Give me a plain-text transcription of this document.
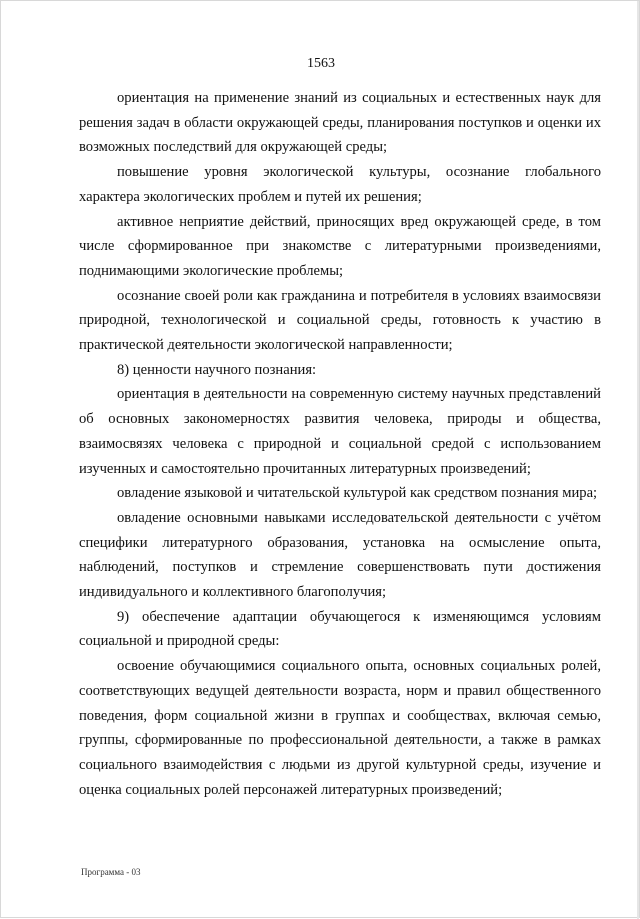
1563

ориентация на применение знаний из социальных и естественных наук для решения задач в области окружающей среды, планирования поступков и оценки их возможных последствий для окружающей среды;

повышение уровня экологической культуры, осознание глобального характера экологических проблем и путей их решения;

активное неприятие действий, приносящих вред окружающей среде, в том числе сформированное при знакомстве с литературными произведениями, поднимающими экологические проблемы;

осознание своей роли как гражданина и потребителя в условиях взаимосвязи природной, технологической и социальной среды, готовность к участию в практической деятельности экологической направленности;

8) ценности научного познания:

ориентация в деятельности на современную систему научных представлений об основных закономерностях развития человека, природы и общества, взаимосвязях человека с природной и социальной средой с использованием изученных и самостоятельно прочитанных литературных произведений;

овладение языковой и читательской культурой как средством познания мира;

овладение основными навыками исследовательской деятельности с учётом специфики литературного образования, установка на осмысление опыта, наблюдений, поступков и стремление совершенствовать пути достижения индивидуального и коллективного благополучия;

9) обеспечение адаптации обучающегося к изменяющимся условиям социальной и природной среды:

освоение обучающимися социального опыта, основных социальных ролей, соответствующих ведущей деятельности возраста, норм и правил общественного поведения, форм социальной жизни в группах и сообществах, включая семью, группы, сформированные по профессиональной деятельности, а также в рамках социального взаимодействия с людьми из другой культурной среды, изучение и оценка социальных ролей персонажей литературных произведений;

Программа - 03
